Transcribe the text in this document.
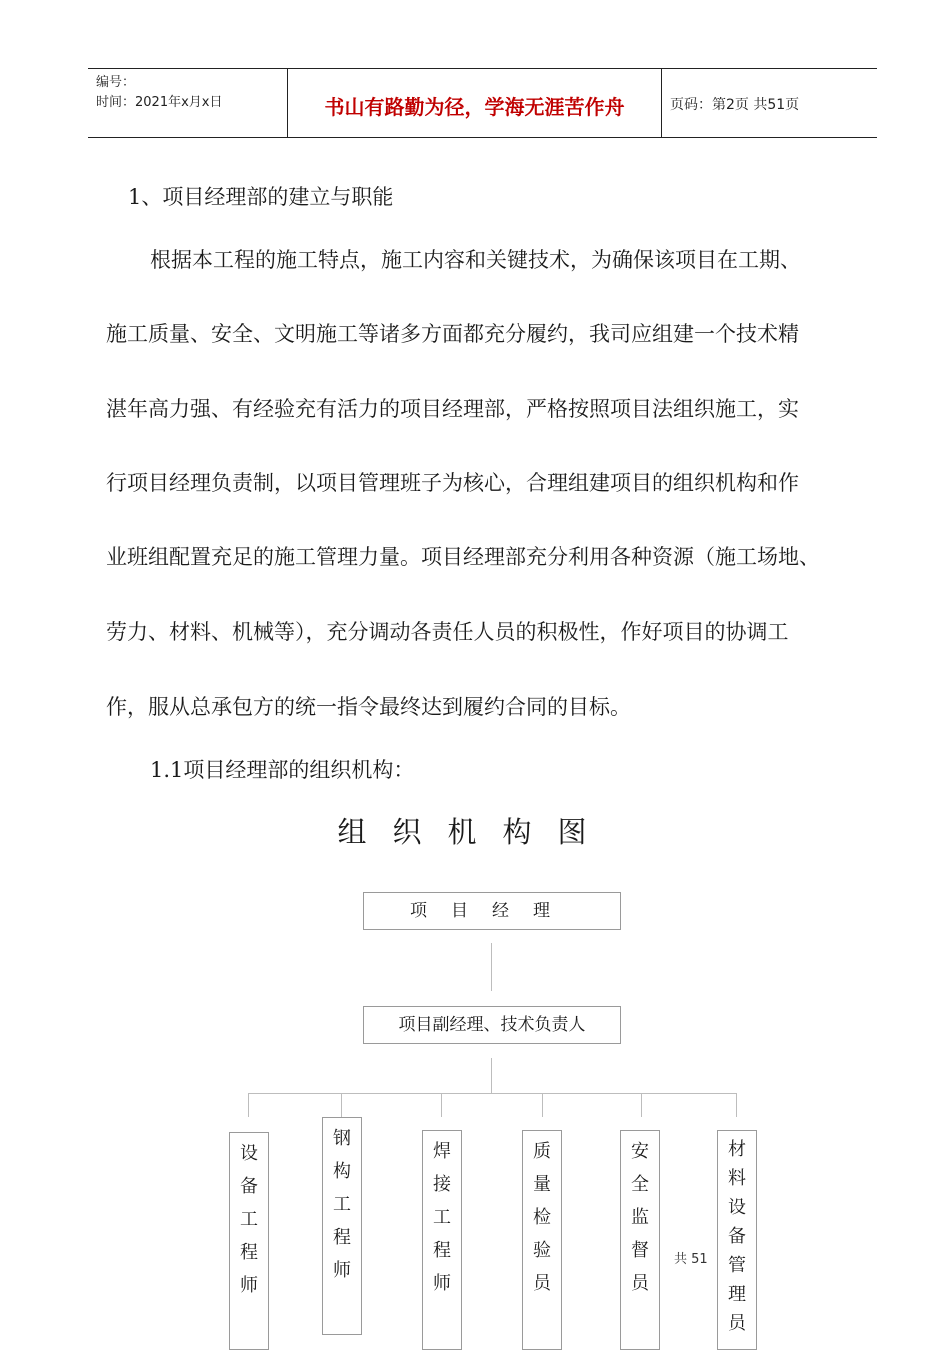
编号：
时间：2021年x月x日	书山有路勤为径，学海无涯苦作舟	页码：第2页 共51页
1、项目经理部的建立与职能
根据本工程的施工特点，施工内容和关键技术，为确保该项目在工期、
施工质量、安全、文明施工等诸多方面都充分履约，我司应组建一个技术精
湛年高力强、有经验充有活力的项目经理部，严格按照项目法组织施工，实
行项目经理负责制，以项目管理班子为核心，合理组建项目的组织机构和作
业班组配置充足的施工管理力量。项目经理部充分利用各种资源（施工场地、
劳力、材料、机械等），充分调动各责任人员的积极性，作好项目的协调工
作，服从总承包方的统一指令最终达到履约合同的目标。
1.1项目经理部的组织机构：
组织机构图
项目经理
项目副经理、技术负责人
设备工程师
钢构工程师
焊接工程师
质量检验员
安全监督员
材料设备管理员
共 51
